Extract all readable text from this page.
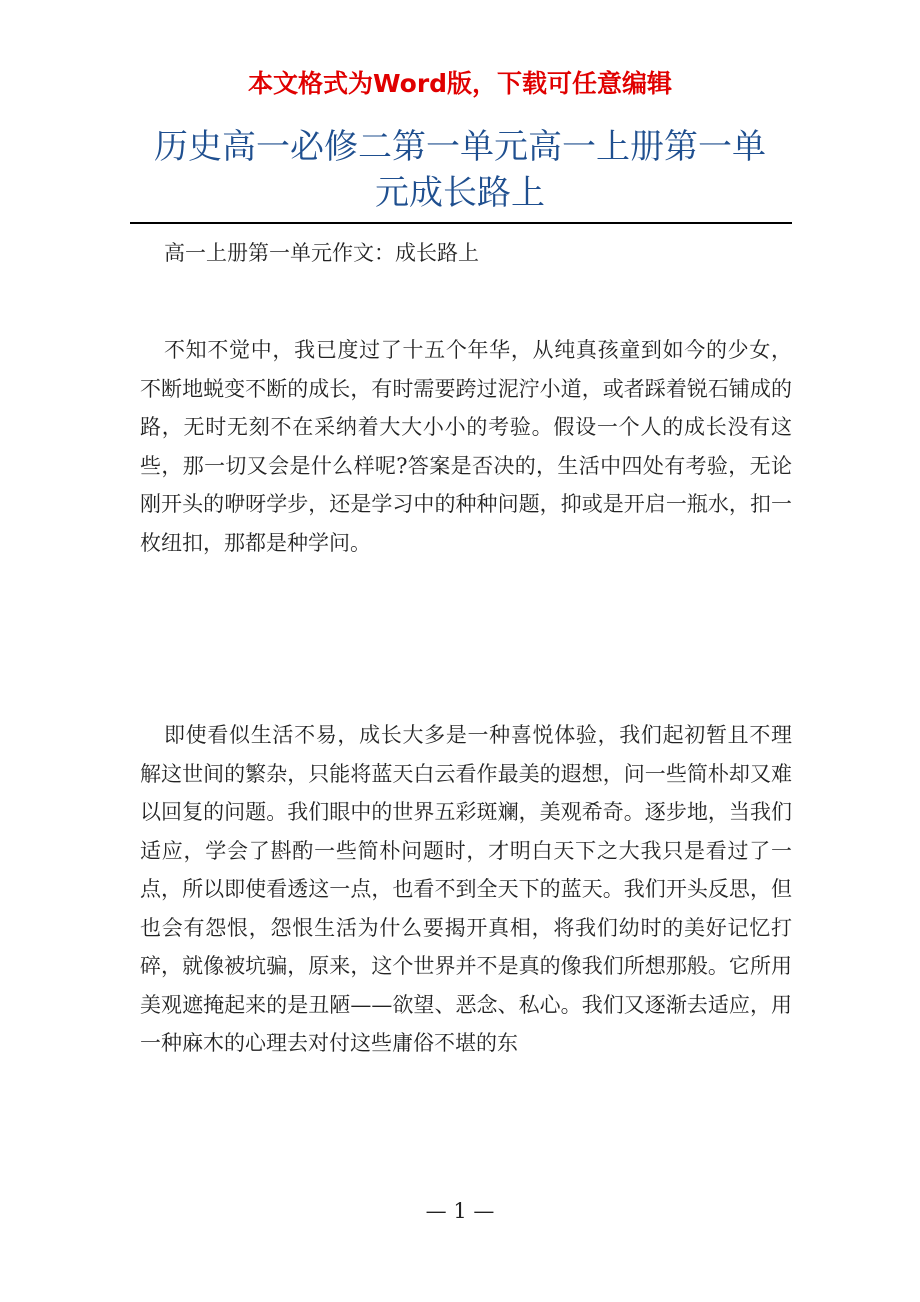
本文格式为Word版，下载可任意编辑
历史高一必修二第一单元高一上册第一单
元成长路上
高一上册第一单元作文：成长路上

不知不觉中，我已度过了十五个年华，从纯真孩童到如今的少女，不断地蜕变不断的成长，有时需要跨过泥泞小道，或者踩着锐石铺成的路，无时无刻不在采纳着大大小小的考验。假设一个人的成长没有这些，那一切又会是什么样呢?答案是否决的，生活中四处有考验，无论刚开头的咿呀学步，还是学习中的种种问题，抑或是开启一瓶水，扣一枚纽扣，那都是种学问。

即使看似生活不易，成长大多是一种喜悦体验，我们起初暂且不理解这世间的繁杂，只能将蓝天白云看作最美的遐想，问一些简朴却又难以回复的问题。我们眼中的世界五彩斑斓，美观希奇。逐步地，当我们适应，学会了斟酌一些简朴问题时，才明白天下之大我只是看过了一点，所以即使看透这一点，也看不到全天下的蓝天。我们开头反思，但也会有怨恨，怨恨生活为什么要揭开真相，将我们幼时的美好记忆打碎，就像被坑骗，原来，这个世界并不是真的像我们所想那般。它所用美观遮掩起来的是丑陋——欲望、恶念、私心。我们又逐渐去适应，用一种麻木的心理去对付这些庸俗不堪的东

— 1 —
